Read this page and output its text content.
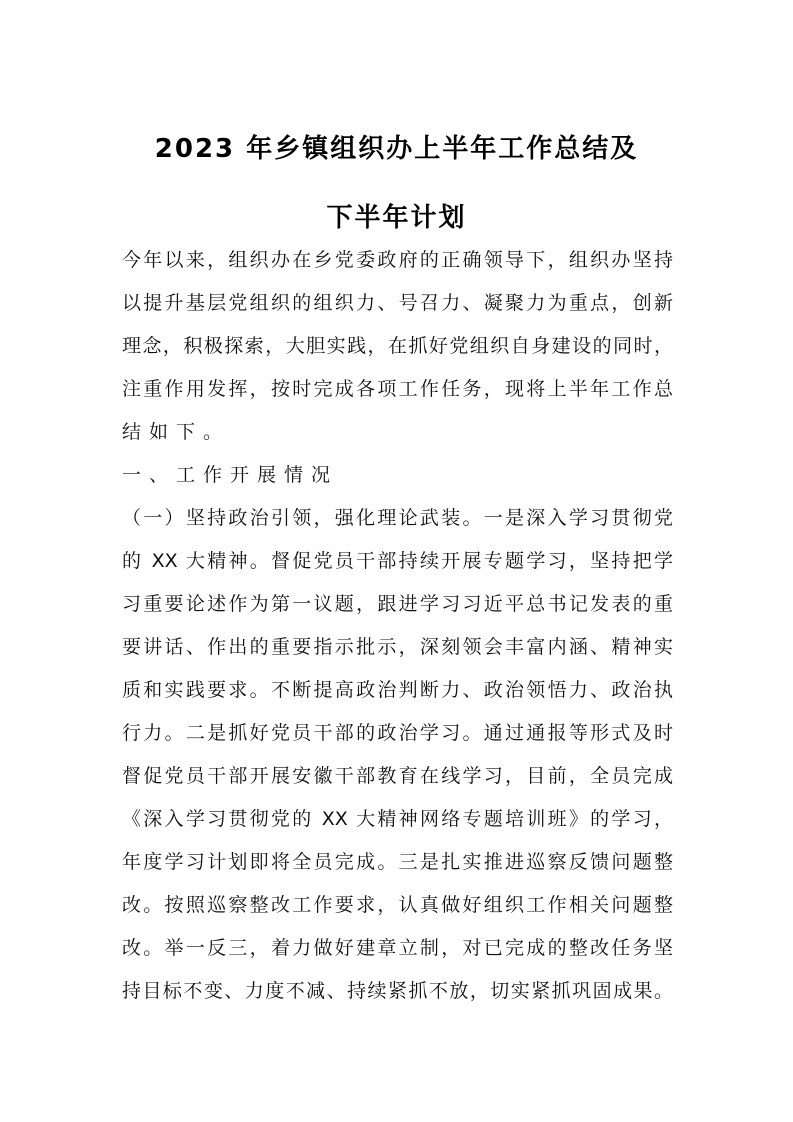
2023 年乡镇组织办上半年工作总结及
下半年计划
今年以来，组织办在乡党委政府的正确领导下，组织办坚持
以提升基层党组织的组织力、号召力、凝聚力为重点，创新
理念，积极探索，大胆实践，在抓好党组织自身建设的同时，
注重作用发挥，按时完成各项工作任务，现将上半年工作总
结如下。
一、工作开展情况
（一）坚持政治引领，强化理论武装。一是深入学习贯彻党
的 XX 大精神。督促党员干部持续开展专题学习，坚持把学
习重要论述作为第一议题，跟进学习习近平总书记发表的重
要讲话、作出的重要指示批示，深刻领会丰富内涵、精神实
质和实践要求。不断提高政治判断力、政治领悟力、政治执
行力。二是抓好党员干部的政治学习。通过通报等形式及时
督促党员干部开展安徽干部教育在线学习，目前，全员完成
《深入学习贯彻党的 XX 大精神网络专题培训班》的学习，
年度学习计划即将全员完成。三是扎实推进巡察反馈问题整
改。按照巡察整改工作要求，认真做好组织工作相关问题整
改。举一反三，着力做好建章立制，对已完成的整改任务坚
持目标不变、力度不减、持续紧抓不放，切实紧抓巩固成果。
